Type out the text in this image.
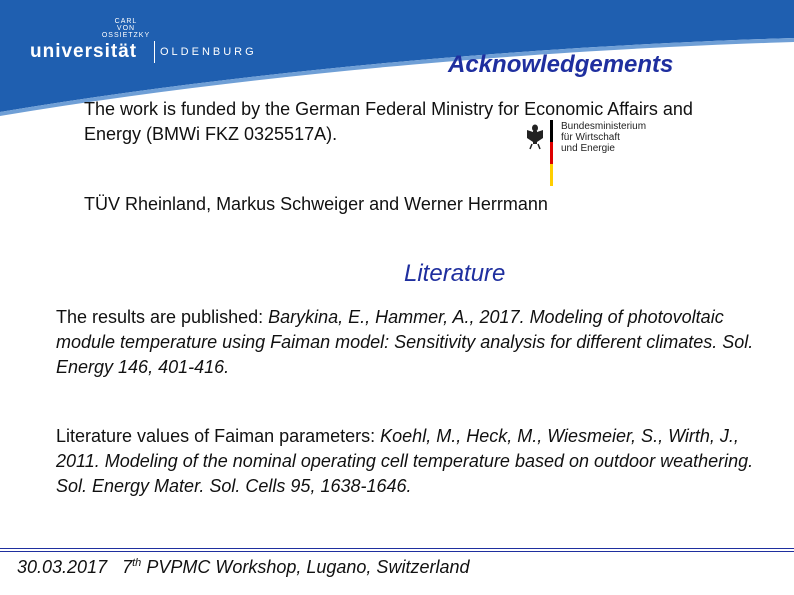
CARL
VON
OSSIETZKY
universität OLDENBURG	Acknowledgements
The work is funded by the German Federal Ministry for Economic Affairs and Energy (BMWi FKZ 0325517A).	Bundesministerium
für Wirtschaft
und Energie
TÜV Rheinland, Markus Schweiger and Werner Herrmann
Literature
The results are published: Barykina, E., Hammer, A., 2017. Modeling of photovoltaic module temperature using Faiman model: Sensitivity analysis for different climates. Sol. Energy 146, 401-416.
Literature values of Faiman parameters: Koehl, M., Heck, M., Wiesmeier, S., Wirth, J., 2011. Modeling of the nominal operating cell temperature based on outdoor weathering. Sol. Energy Mater. Sol. Cells 95, 1638-1646.
30.03.2017 7th PVPMC Workshop, Lugano, Switzerland
